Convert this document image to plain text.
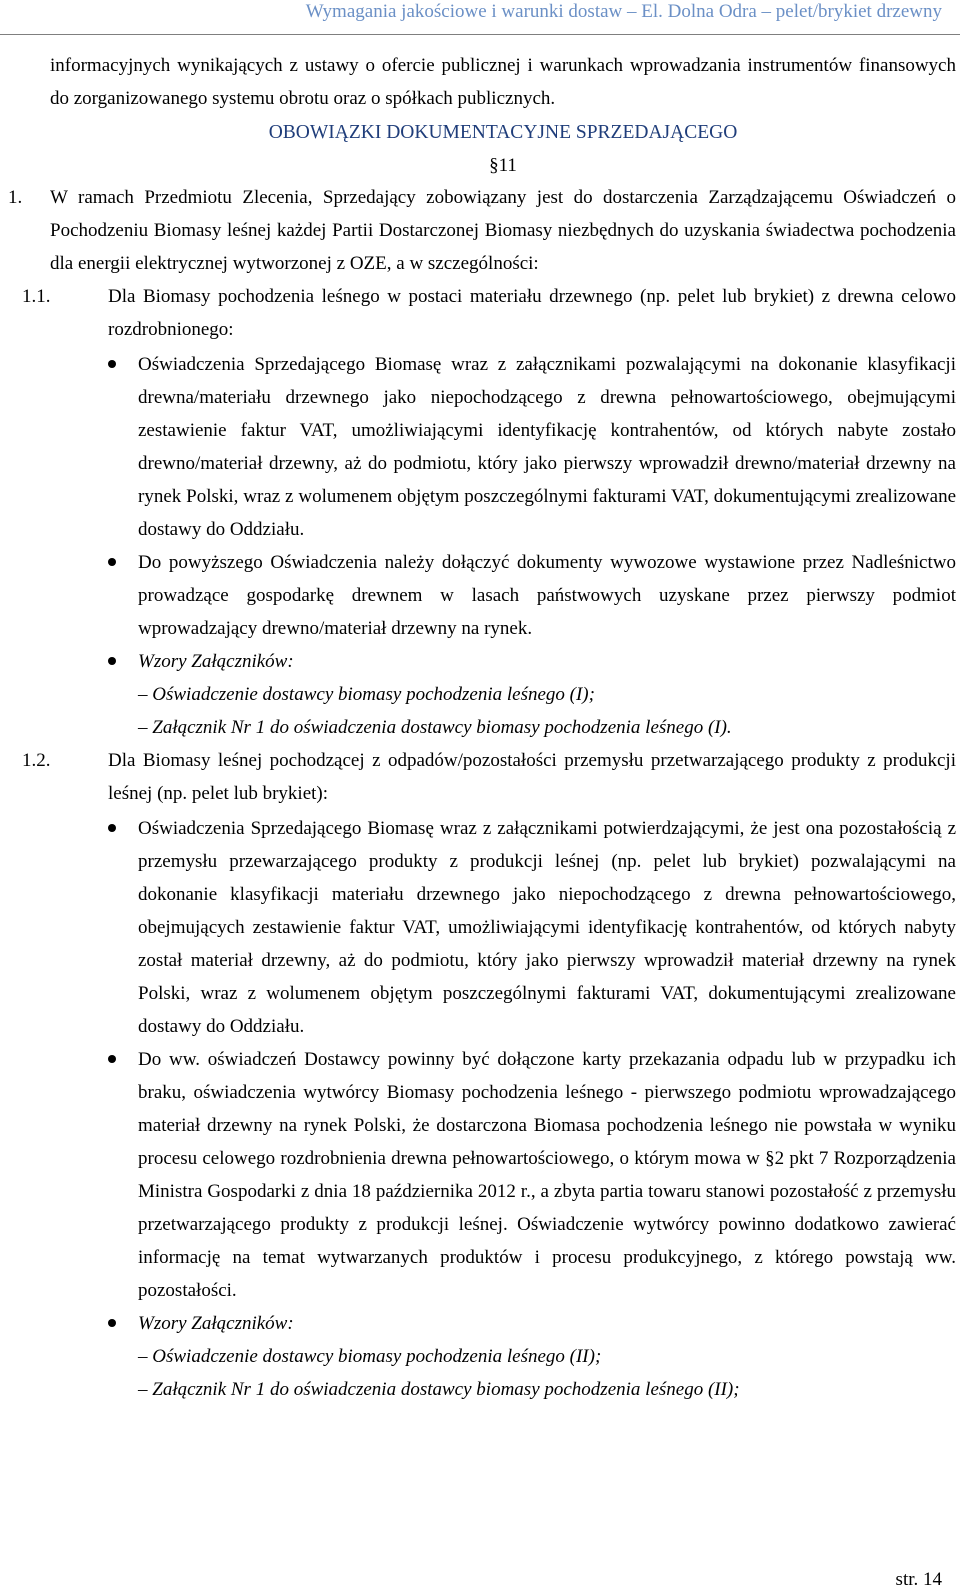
Wymagania jakościowe i warunki dostaw – El. Dolna Odra – pelet/brykiet drzewny
informacyjnych wynikających z ustawy o ofercie publicznej i warunkach wprowadzania instrumentów finansowych do zorganizowanego systemu obrotu oraz o spółkach publicznych.
OBOWIĄZKI DOKUMENTACYJNE SPRZEDAJĄCEGO
§11
1. W ramach Przedmiotu Zlecenia, Sprzedający zobowiązany jest do dostarczenia Zarządzającemu Oświadczeń o Pochodzeniu Biomasy leśnej każdej Partii Dostarczonej Biomasy niezbędnych do uzyskania świadectwa pochodzenia dla energii elektrycznej wytworzonej z OZE, a w szczególności:
1.1.	Dla Biomasy pochodzenia leśnego w postaci materiału drzewnego (np. pelet lub brykiet) z drewna celowo rozdrobnionego:
Oświadczenia Sprzedającego Biomasę wraz z załącznikami pozwalającymi na dokonanie klasyfikacji drewna/materiału drzewnego jako niepochodzącego z drewna pełnowartościowego, obejmującymi zestawienie faktur VAT, umożliwiającymi identyfikację kontrahentów, od których nabyte zostało drewno/materiał drzewny, aż do podmiotu, który jako pierwszy wprowadził drewno/materiał drzewny na rynek Polski, wraz z wolumenem objętym poszczególnymi fakturami VAT, dokumentującymi zrealizowane dostawy do Oddziału.
Do powyższego Oświadczenia należy dołączyć dokumenty wywozowe wystawione przez Nadleśnictwo prowadzące gospodarkę drewnem w lasach państwowych uzyskane przez pierwszy podmiot wprowadzający drewno/materiał drzewny na rynek.
Wzory Załączników:
– Oświadczenie dostawcy biomasy pochodzenia leśnego (I);
– Załącznik Nr 1 do oświadczenia dostawcy biomasy pochodzenia leśnego (I).
1.2.	Dla Biomasy leśnej pochodzącej z odpadów/pozostałości przemysłu przetwarzającego produkty z produkcji leśnej (np. pelet lub brykiet):
Oświadczenia Sprzedającego Biomasę wraz z załącznikami potwierdzającymi, że jest ona pozostałością z przemysłu przewarzającego produkty z produkcji leśnej (np. pelet lub brykiet) pozwalającymi na dokonanie klasyfikacji materiału drzewnego jako niepochodzącego z drewna pełnowartościowego, obejmujących zestawienie faktur VAT, umożliwiającymi identyfikację kontrahentów, od których nabyty został materiał drzewny, aż do podmiotu, który jako pierwszy wprowadził materiał drzewny na rynek Polski, wraz z wolumenem objętym poszczególnymi fakturami VAT, dokumentującymi zrealizowane dostawy do Oddziału.
Do ww. oświadczeń Dostawcy powinny być dołączone karty przekazania odpadu lub w przypadku ich braku, oświadczenia wytwórcy Biomasy pochodzenia leśnego - pierwszego podmiotu wprowadzającego materiał drzewny na rynek Polski, że dostarczona Biomasa pochodzenia leśnego nie powstała w wyniku procesu celowego rozdrobnienia drewna pełnowartościowego, o którym mowa w §2 pkt 7 Rozporządzenia Ministra Gospodarki z dnia 18 października 2012 r., a zbyta partia towaru stanowi pozostałość z przemysłu przetwarzającego produkty z produkcji leśnej. Oświadczenie wytwórcy powinno dodatkowo zawierać informację na temat wytwarzanych produktów i procesu produkcyjnego, z którego powstają ww. pozostałości.
Wzory Załączników:
– Oświadczenie dostawcy biomasy pochodzenia leśnego (II);
– Załącznik Nr 1 do oświadczenia dostawcy biomasy pochodzenia leśnego (II);
str. 14
